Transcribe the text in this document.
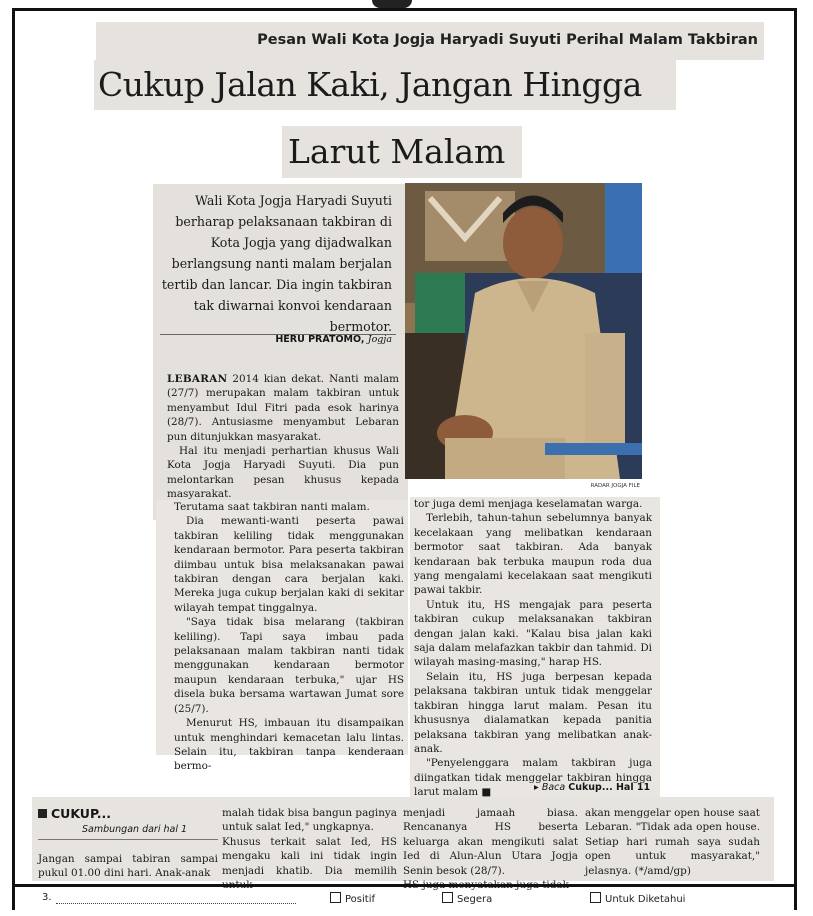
Pesan Wali Kota Jogja Haryadi Suyuti Perihal Malam Takbiran
Cukup Jalan Kaki, Jangan Hingga
Larut Malam
Wali Kota Jogja Haryadi Suyuti berharap pelaksanaan takbiran di Kota Jogja yang dijadwalkan berlangsung nanti malam berjalan tertib dan lancar. Dia ingin takbiran tak diwarnai konvoi kendaraan bermotor.
HERU PRATOMO, Jogja

LEBARAN 2014 kian dekat. Nanti malam (27/7) merupakan malam takbiran untuk menyambut Idul Fitri pada esok harinya (28/7). Antusiasme menyambut Lebaran pun ditunjukkan masyarakat.

Hal itu menjadi perhartian khusus Wali Kota Jogja Haryadi Suyuti. Dia pun melontarkan pesan khusus kepada masyarakat.

RADAR JOGJA FILE

Terutama saat takbiran nanti malam.

Dia mewanti-wanti peserta pawai takbiran keliling tidak menggunakan kendaraan bermotor. Para peserta takbiran diimbau untuk bisa melaksanakan pawai takbiran dengan cara berjalan kaki. Mereka juga cukup berjalan kaki di sekitar wilayah tempat tinggalnya.

"Saya tidak bisa melarang (takbiran keliling). Tapi saya imbau pada pelaksanaan malam takbiran nanti tidak menggunakan kendaraan bermotor maupun kendaraan terbuka," ujar HS disela buka bersama wartawan Jumat sore (25/7).

Menurut HS, imbauan itu disampaikan untuk menghindari kemacetan lalu lintas. Selain itu, takbiran tanpa kenderaan bermo-

tor juga demi menjaga keselamatan warga.

Terlebih, tahun-tahun sebelumnya banyak kecelakaan yang melibatkan kendaraan bermotor saat takbiran. Ada banyak kendaraan bak terbuka maupun roda dua yang mengalami kecelakaan saat mengikuti pawai takbir.

Untuk itu, HS mengajak para peserta takbiran cukup melaksanakan takbiran dengan jalan kaki. "Kalau bisa jalan kaki saja dalam melafazkan takbir dan tahmid. Di wilayah masing-masing," harap HS.

Selain itu, HS juga berpesan kepada pelaksana takbiran untuk tidak menggelar takbiran hingga larut malam. Pesan itu khususnya dialamatkan kepada panitia pelaksana takbiran yang melibatkan anak-anak.

"Penyelenggara malam takbiran juga diingatkan tidak menggelar takbiran hingga larut malam ■	▸ Baca Cukup... Hal 11
CUKUP...
Sambungan dari hal 1

Jangan sampai tabiran sampai pukul 01.00 dini hari. Anak-anak

malah tidak bisa bangun paginya untuk salat Ied," ungkapnya.

Khusus terkait salat Ied, HS mengaku kali ini tidak ingin menjadi khatib. Dia memilih

menjadi jamaah biasa. Rencananya HS beserta keluarga akan mengikuti salat Ied di Alun-Alun Utara Jogja Senin besok (28/7).

akan menggelar open house saat Lebaran. "Tidak ada open house. Setiap hari rumah saya sudah open untuk masyarakat," jelasnya. (*/amd/gp)

3.	Positif	Segera	Untuk Diketahui
